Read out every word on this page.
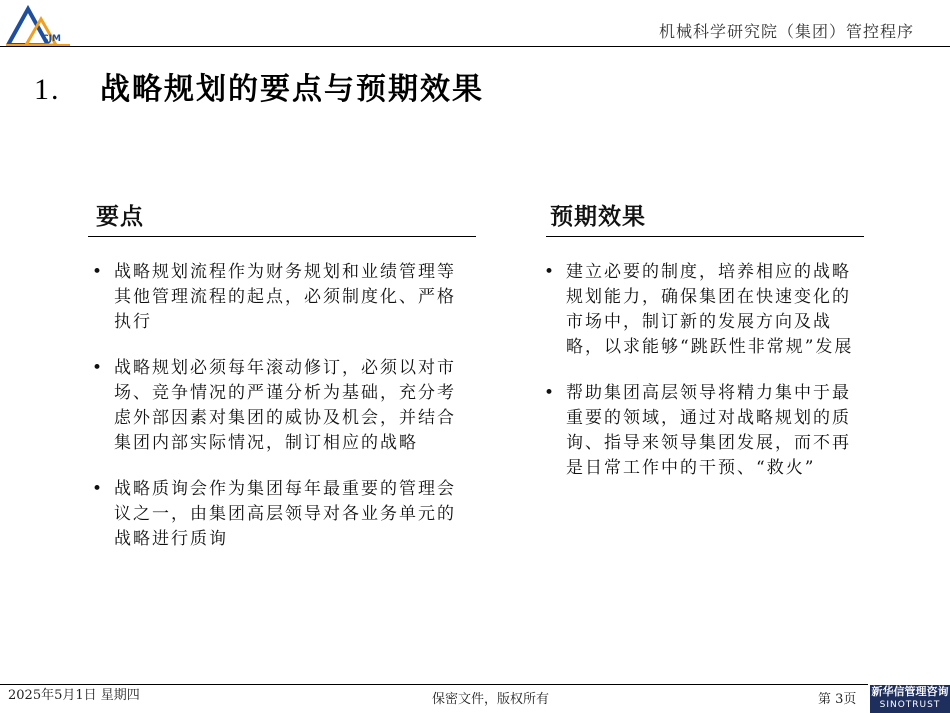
CJM	机械科学研究院（集团）管控程序
1. 战略规划的要点与预期效果
要点
• 战略规划流程作为财务规划和业绩管理等其他管理流程的起点，必须制度化、严格执行
• 战略规划必须每年滚动修订，必须以对市场、竞争情况的严谨分析为基础，充分考虑外部因素对集团的威协及机会，并结合集团内部实际情况，制订相应的战略
• 战略质询会作为集团每年最重要的管理会议之一，由集团高层领导对各业务单元的战略进行质询
预期效果
• 建立必要的制度，培养相应的战略规划能力，确保集团在快速变化的市场中，制订新的发展方向及战略，以求能够“跳跃性非常规”发展
• 帮助集团高层领导将精力集中于最重要的领域，通过对战略规划的质询、指导来领导集团发展，而不再是日常工作中的干预、“救火”
2025年5月1日 星期四	保密文件，版权所有	第 3页
新华信管理咨询
SINOTRUST
